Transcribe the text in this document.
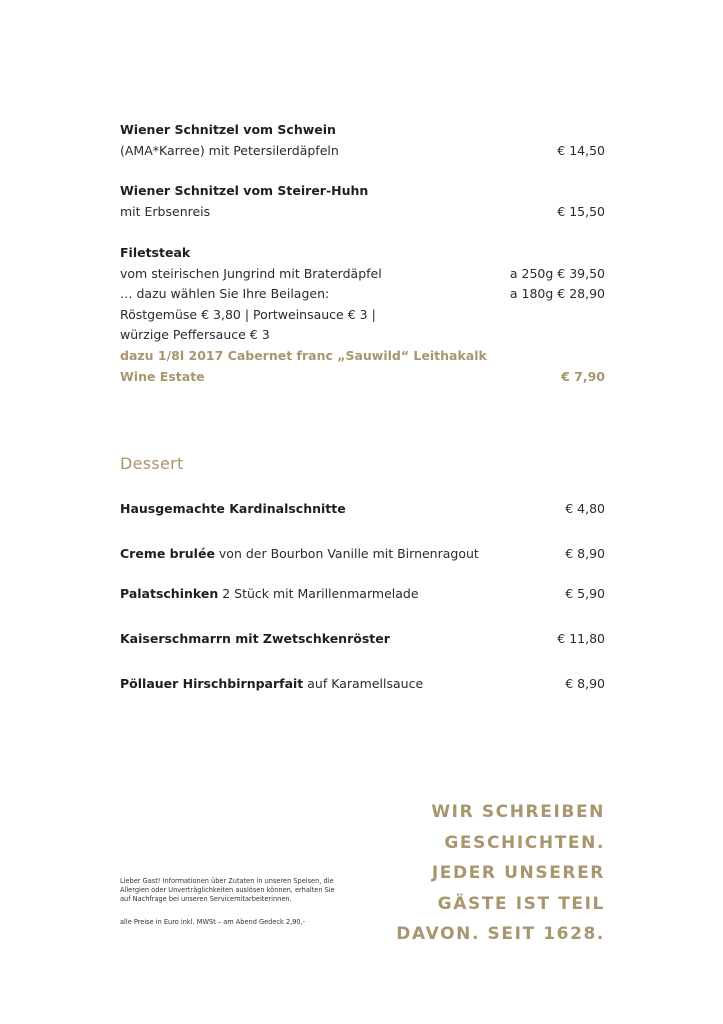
Wiener Schnitzel vom Schwein
(AMA*Karree) mit Petersilerdäpfeln	€ 14,50
Wiener Schnitzel vom Steirer-Huhn
mit Erbsenreis	€ 15,50
Filetsteak
vom steirischen Jungrind mit Braterdäpfel	a 250g € 39,50
… dazu wählen Sie Ihre Beilagen:	a 180g € 28,90
Röstgemüse € 3,80 | Portweinsauce € 3 |
würzige Peffersauce € 3
dazu 1/8l 2017 Cabernet franc „Sauwild“ Leithakalk
Wine Estate	€ 7,90
Dessert
Hausgemachte Kardinalschnitte	€ 4,80
Creme brulée von der Bourbon Vanille mit Birnenragout	€ 8,90
Palatschinken 2 Stück mit Marillenmarmelade	€ 5,90
Kaiserschmarrn mit Zwetschkenröster	€ 11,80
Pöllauer Hirschbirnparfait auf Karamellsauce	€ 8,90
Lieber Gast! Informationen über Zutaten in unseren Speisen, die
Allergien oder Unverträglichkeiten auslösen können, erhalten Sie
auf Nachfrage bei unseren Servicemitarbeiterinnen.
alle Preise in Euro inkl. MWSt – am Abend Gedeck 2,90,-
WIR SCHREIBEN
GESCHICHTEN.
JEDER UNSERER
GÄSTE IST TEIL
DAVON. SEIT 1628.
